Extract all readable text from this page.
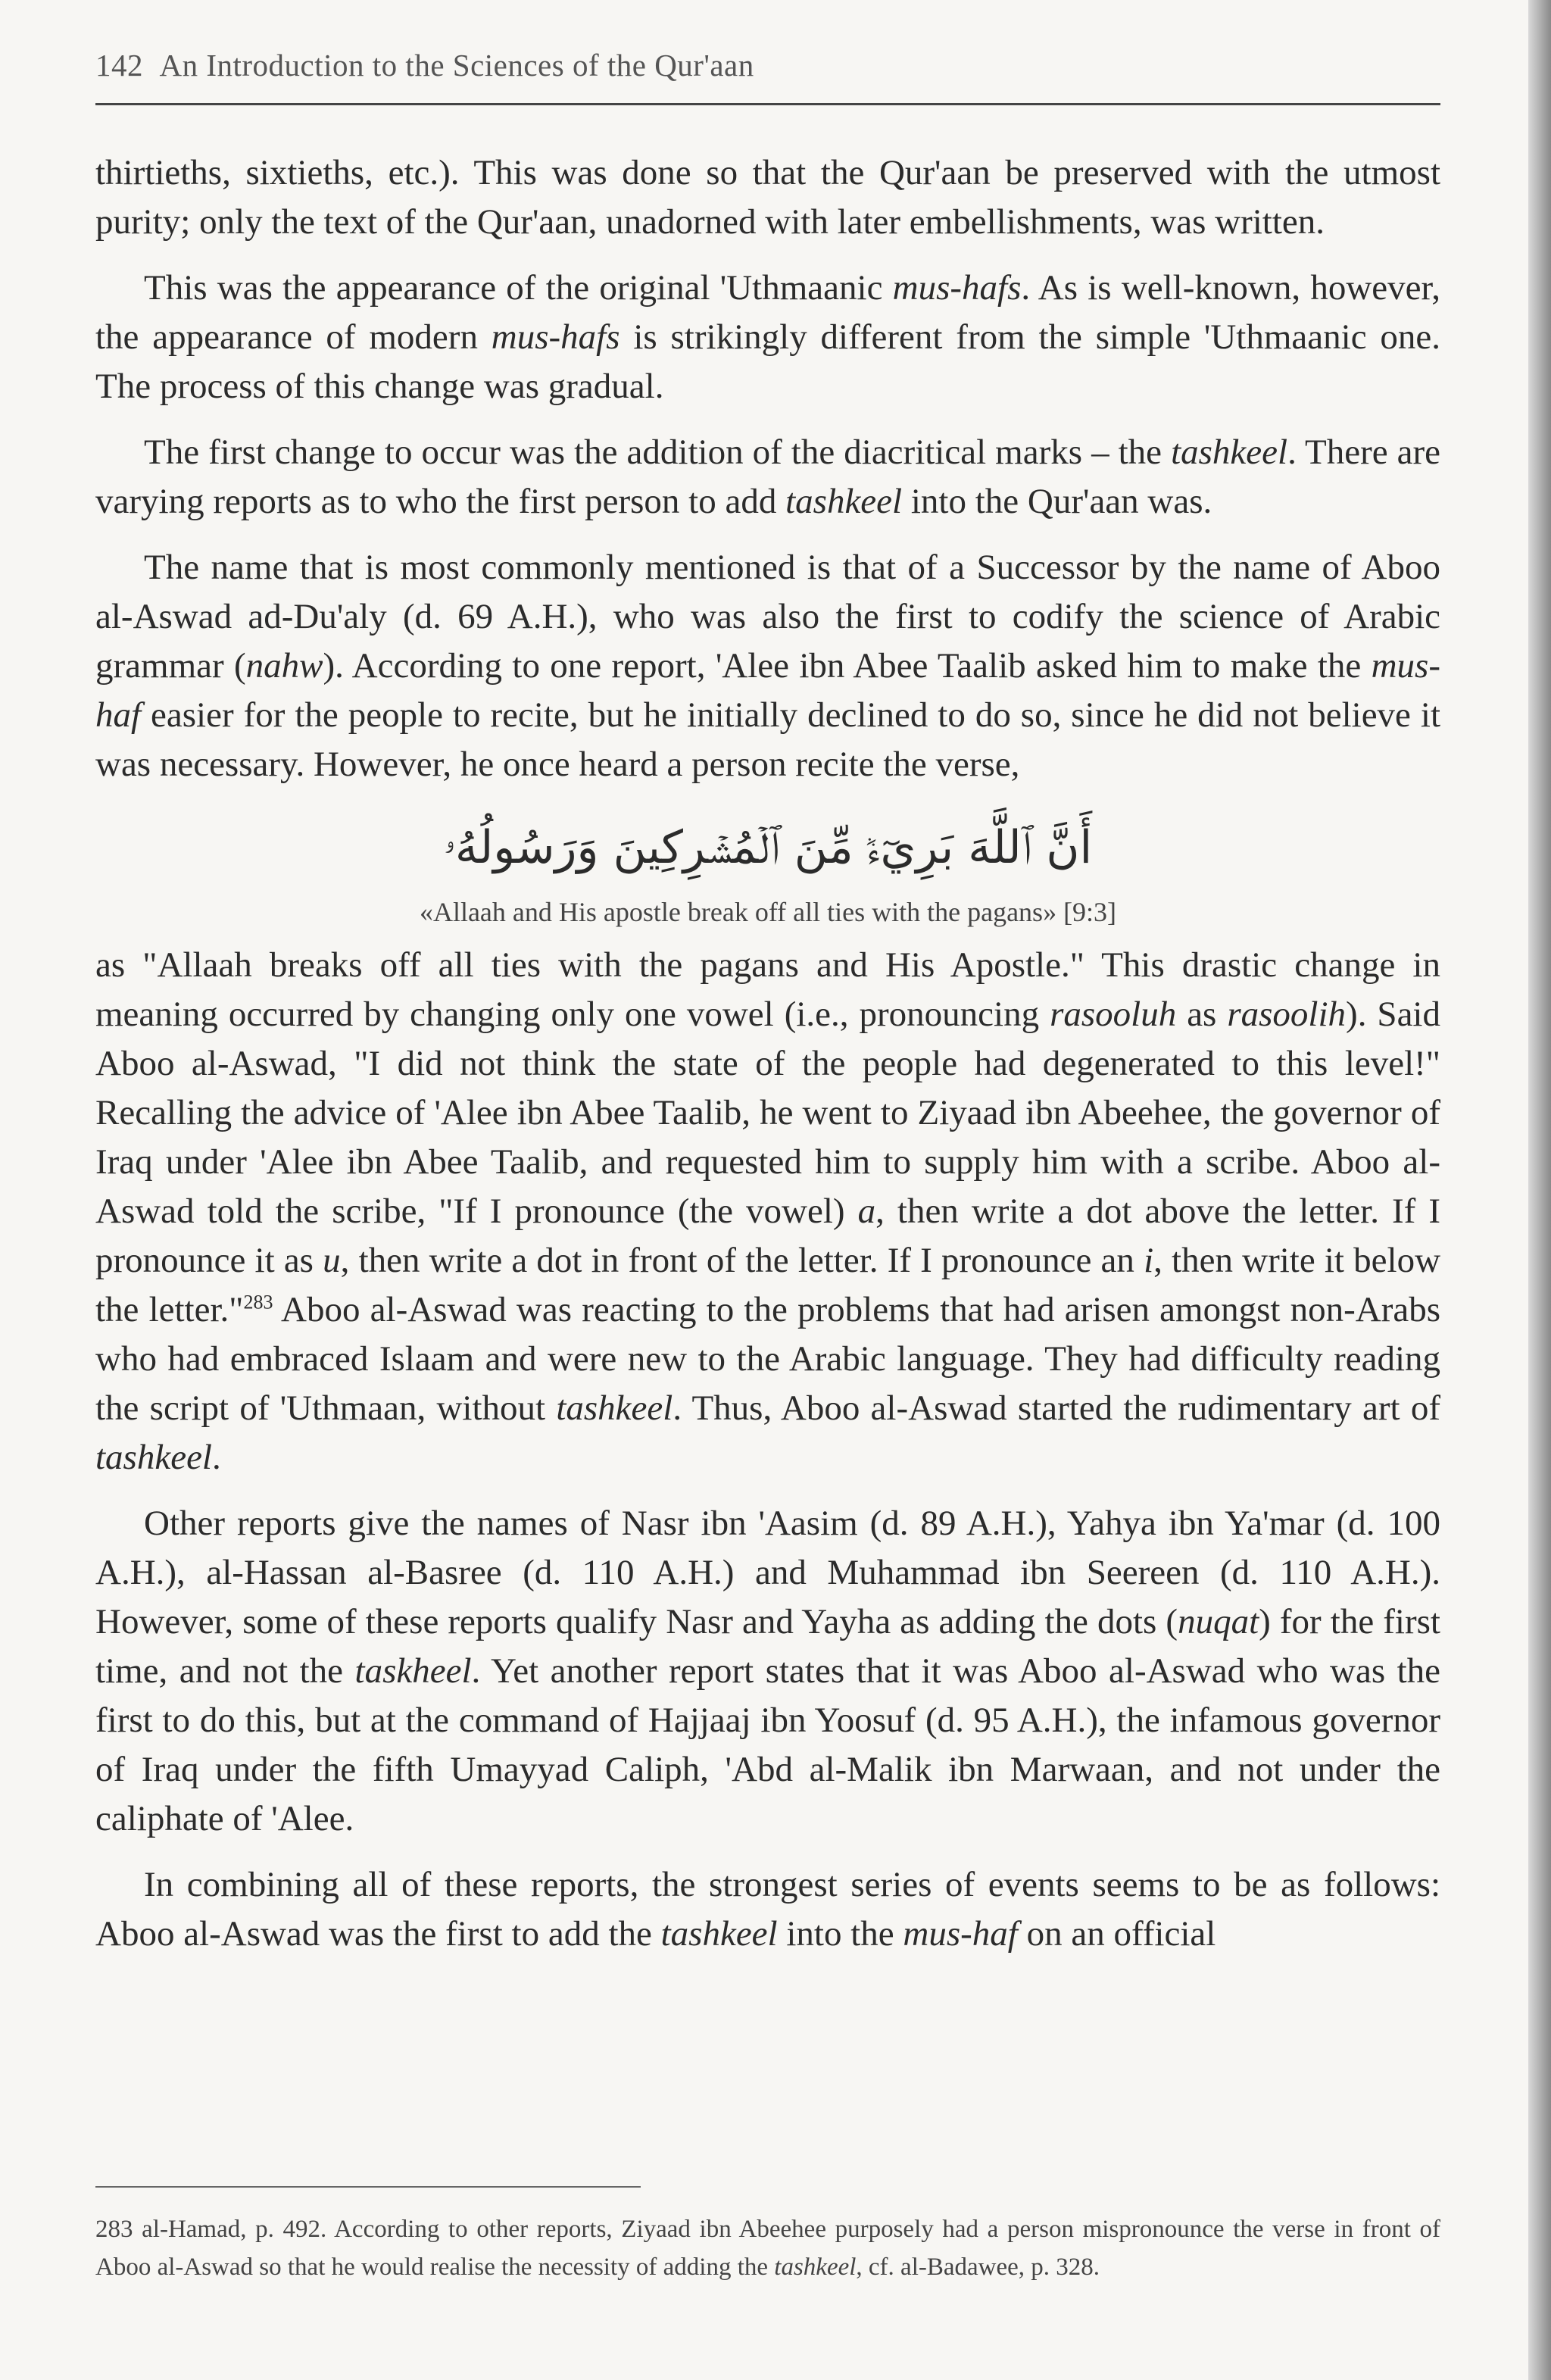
142 An Introduction to the Sciences of the Qur'aan

thirtieths, sixtieths, etc.). This was done so that the Qur'aan be preserved with the utmost purity; only the text of the Qur'aan, unadorned with later embellishments, was written.

This was the appearance of the original 'Uthmaanic mus-hafs. As is well-known, however, the appearance of modern mus-hafs is strikingly different from the simple 'Uthmaanic one. The process of this change was gradual.

The first change to occur was the addition of the diacritical marks – the tashkeel. There are varying reports as to who the first person to add tashkeel into the Qur'aan was.

The name that is most commonly mentioned is that of a Successor by the name of Aboo al-Aswad ad-Du'aly (d. 69 A.H.), who was also the first to codify the science of Arabic grammar (nahw). According to one report, 'Alee ibn Abee Taalib asked him to make the mus-haf easier for the people to recite, but he initially declined to do so, since he did not believe it was necessary. However, he once heard a person recite the verse,

أَنَّ ٱللَّهَ بَرِيٓءٞ مِّنَ ٱلۡمُشۡرِكِينَ وَرَسُولُهُۥ
«Allaah and His apostle break off all ties with the pagans» [9:3]

as "Allaah breaks off all ties with the pagans and His Apostle." This drastic change in meaning occurred by changing only one vowel (i.e., pronouncing rasooluh as rasoolih). Said Aboo al-Aswad, "I did not think the state of the people had degenerated to this level!" Recalling the advice of 'Alee ibn Abee Taalib, he went to Ziyaad ibn Abeehee, the governor of Iraq under 'Alee ibn Abee Taalib, and requested him to supply him with a scribe. Aboo al-Aswad told the scribe, "If I pronounce (the vowel) a, then write a dot above the letter. If I pronounce it as u, then write a dot in front of the letter. If I pronounce an i, then write it below the letter."$^{283}$ Aboo al-Aswad was reacting to the problems that had arisen amongst non-Arabs who had embraced Islaam and were new to the Arabic language. They had difficulty reading the script of 'Uthmaan, without tashkeel. Thus, Aboo al-Aswad started the rudimentary art of tashkeel.

Other reports give the names of Nasr ibn 'Aasim (d. 89 A.H.), Yahya ibn Ya'mar (d. 100 A.H.), al-Hassan al-Basree (d. 110 A.H.) and Muhammad ibn Seereen (d. 110 A.H.). However, some of these reports qualify Nasr and Yayha as adding the dots (nuqat) for the first time, and not the taskheel. Yet another report states that it was Aboo al-Aswad who was the first to do this, but at the command of Hajjaaj ibn Yoosuf (d. 95 A.H.), the infamous governor of Iraq under the fifth Umayyad Caliph, 'Abd al-Malik ibn Marwaan, and not under the caliphate of 'Alee.

In combining all of these reports, the strongest series of events seems to be as follows: Aboo al-Aswad was the first to add the tashkeel into the mus-haf on an official

283 al-Hamad, p. 492. According to other reports, Ziyaad ibn Abeehee purposely had a person mispronounce the verse in front of Aboo al-Aswad so that he would realise the necessity of adding the tashkeel, cf. al-Badawee, p. 328.
